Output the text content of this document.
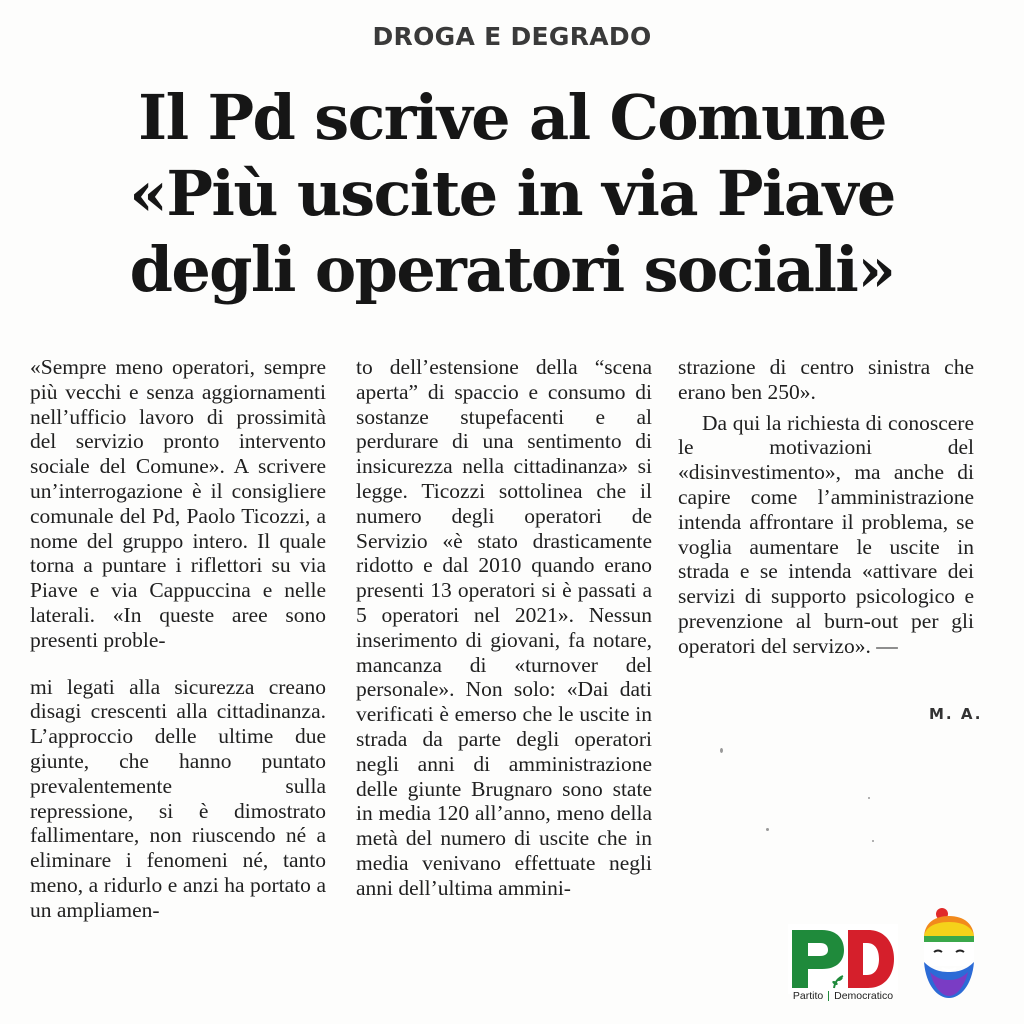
DROGA E DEGRADO
Il Pd scrive al Comune
«Più uscite in via Piave
degli operatori sociali»

«Sempre meno operatori, sempre più vecchi e senza aggiornamenti nell’ufficio lavoro di prossimità del servizio pronto intervento sociale del Comune». A scrivere un’interrogazione è il consigliere comunale del Pd, Paolo Ticozzi, a nome del gruppo intero. Il quale torna a puntare i riflettori su via Piave e via Cappuccina e nelle laterali. «In queste aree sono presenti proble-

mi legati alla sicurezza creano disagi crescenti alla cittadinanza. L’approccio delle ultime due giunte, che hanno puntato prevalentemente sulla repressione, si è dimostrato fallimentare, non riuscendo né a eliminare i fenomeni né, tanto meno, a ridurlo e anzi ha portato a un ampliamen-

to dell’estensione della “scena aperta” di spaccio e consumo di sostanze stupefacenti e al perdurare di una sentimento di insicurezza nella cittadinanza» si legge. Ticozzi sottolinea che il numero degli operatori de Servizio «è stato drasticamente ridotto e dal 2010 quando erano presenti 13 operatori si è passati a 5 operatori nel 2021». Nessun inserimento di giovani, fa notare, mancanza di «turnover del personale». Non solo: «Dai dati verificati è emerso che le uscite in strada da parte degli operatori negli anni di amministrazione delle giunte Brugnaro sono state in media 120 all’anno, meno della metà del numero di uscite che in media venivano effettuate negli anni dell’ultima ammini-

strazione di centro sinistra che erano ben 250».

Da qui la richiesta di conoscere le motivazioni del «disinvestimento», ma anche di capire come l’amministrazione intenda affrontare il problema, se voglia aumentare le uscite in strada e se intenda «attivare dei servizi di supporto psicologico e prevenzione al burn-out per gli operatori del servizo». —

M. A.
Partito Democratico
